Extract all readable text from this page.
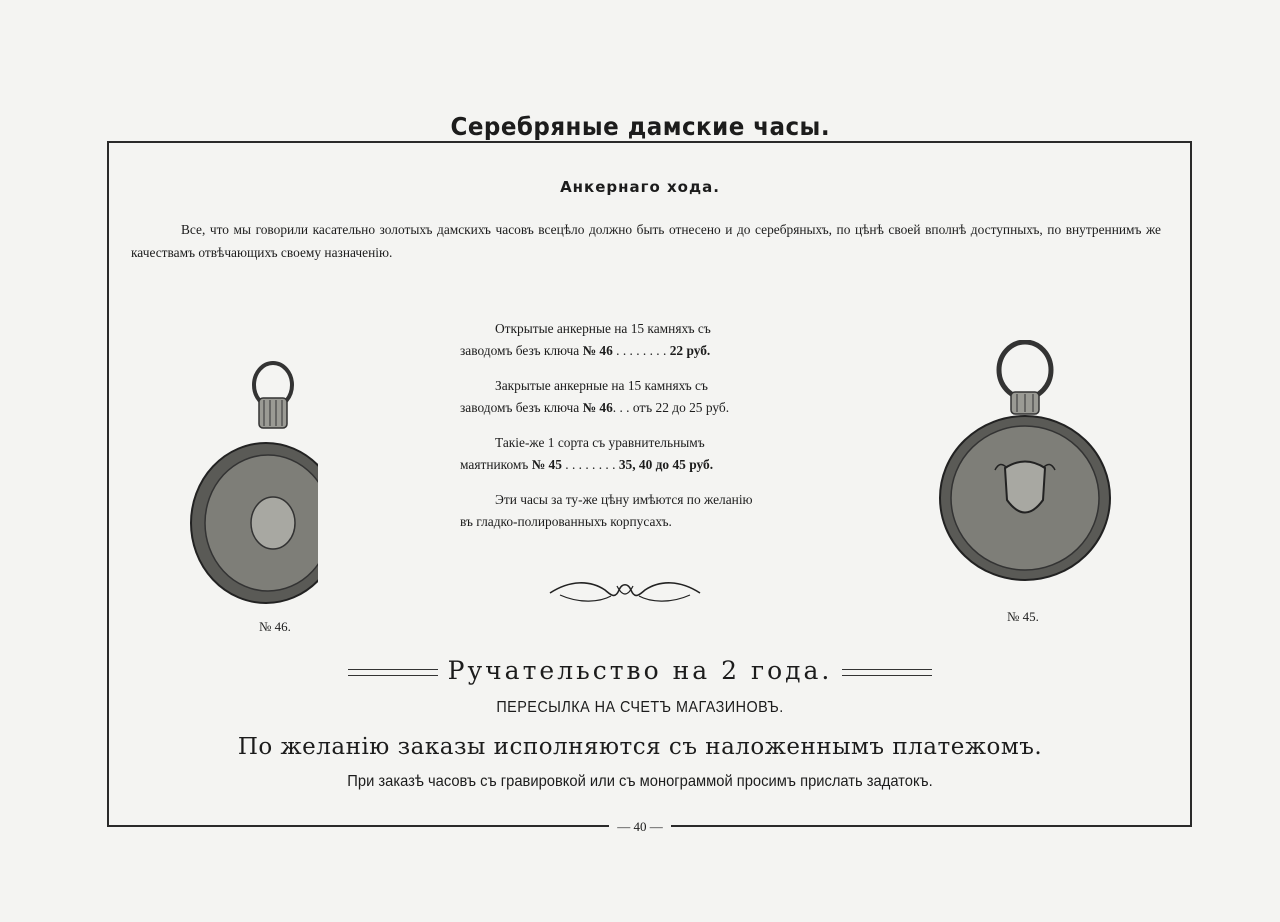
Серебряные дамские часы.
Анкернаго хода.
Все, что мы говорили касательно золотыхъ дамскихъ часовъ всецѣло должно быть отнесено и до серебряныхъ, по цѣнѣ своей вполнѣ доступныхъ, по внутреннимъ же качествамъ отвѣчающихъ своему назначенію.
Открытые анкерные на 15 камняхъ съ
заводомъ безъ ключа № 46 . . . . . . . . 22 руб.
Закрытые анкерные на 15 камняхъ съ
заводомъ безъ ключа № 46. . . отъ 22 до 25 руб.
Такiе-же 1 сорта съ уравнительнымъ
маятникомъ № 45 . . . . . . . . 35, 40 до 45 руб.
Эти часы за ту-же цѣну имѣются по желанію
въ гладко-полированныхъ корпусахъ.
№ 46.
№ 45.
Ручательство на 2 года.
ПЕРЕСЫЛКА НА СЧЕТЪ МАГАЗИНОВЪ.
По желанію заказы исполняются съ наложеннымъ платежомъ.
При заказѣ часовъ съ гравировкой или съ монограммой просимъ прислать задатокъ.
— 40 —
